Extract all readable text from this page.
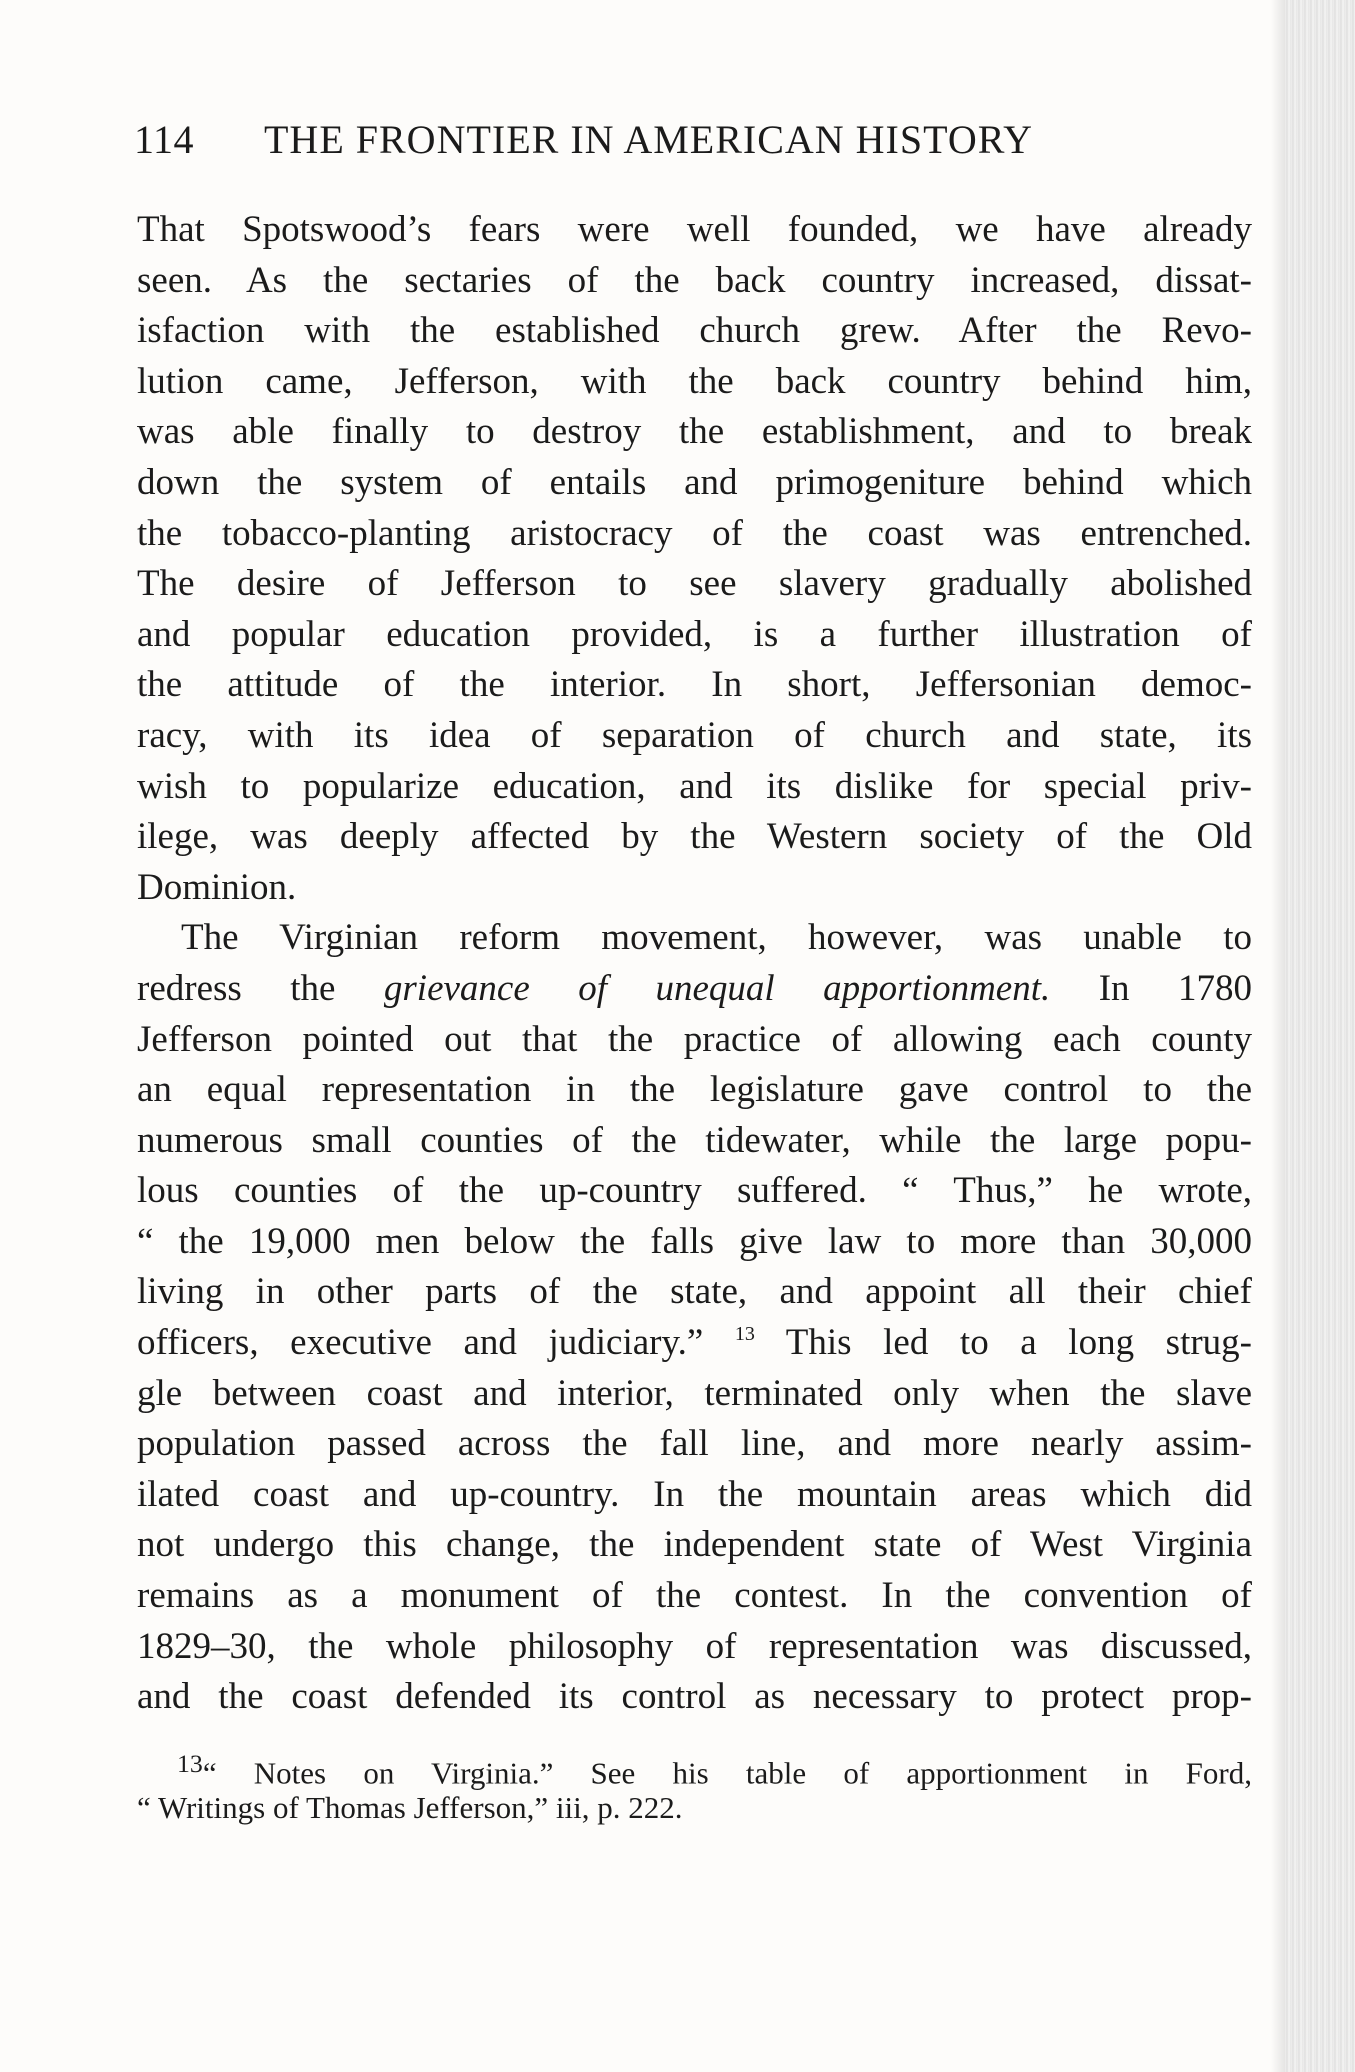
114 THE FRONTIER IN AMERICAN HISTORY
That Spotswood’s fears were well founded, we have already
seen. As the sectaries of the back country increased, dissat-
isfaction with the established church grew. After the Revo-
lution came, Jefferson, with the back country behind him,
was able finally to destroy the establishment, and to break
down the system of entails and primogeniture behind which
the tobacco-planting aristocracy of the coast was entrenched.
The desire of Jefferson to see slavery gradually abolished
and popular education provided, is a further illustration of
the attitude of the interior. In short, Jeffersonian democ-
racy, with its idea of separation of church and state, its
wish to popularize education, and its dislike for special priv-
ilege, was deeply affected by the Western society of the Old
Dominion.
The Virginian reform movement, however, was unable to
redress the grievance of unequal apportionment. In 1780
Jefferson pointed out that the practice of allowing each county
an equal representation in the legislature gave control to the
numerous small counties of the tidewater, while the large popu-
lous counties of the up-country suffered. “ Thus,” he wrote,
“ the 19,000 men below the falls give law to more than 30,000
living in other parts of the state, and appoint all their chief
officers, executive and judiciary.” $^{13}$ This led to a long strug-
gle between coast and interior, terminated only when the slave
population passed across the fall line, and more nearly assim-
ilated coast and up-country. In the mountain areas which did
not undergo this change, the independent state of West Virginia
remains as a monument of the contest. In the convention of
1829–30, the whole philosophy of representation was discussed,
and the coast defended its control as necessary to protect prop-
$^{13}$“ Notes on Virginia.” See his table of apportionment in Ford,
“ Writings of Thomas Jefferson,” iii, p. 222.
